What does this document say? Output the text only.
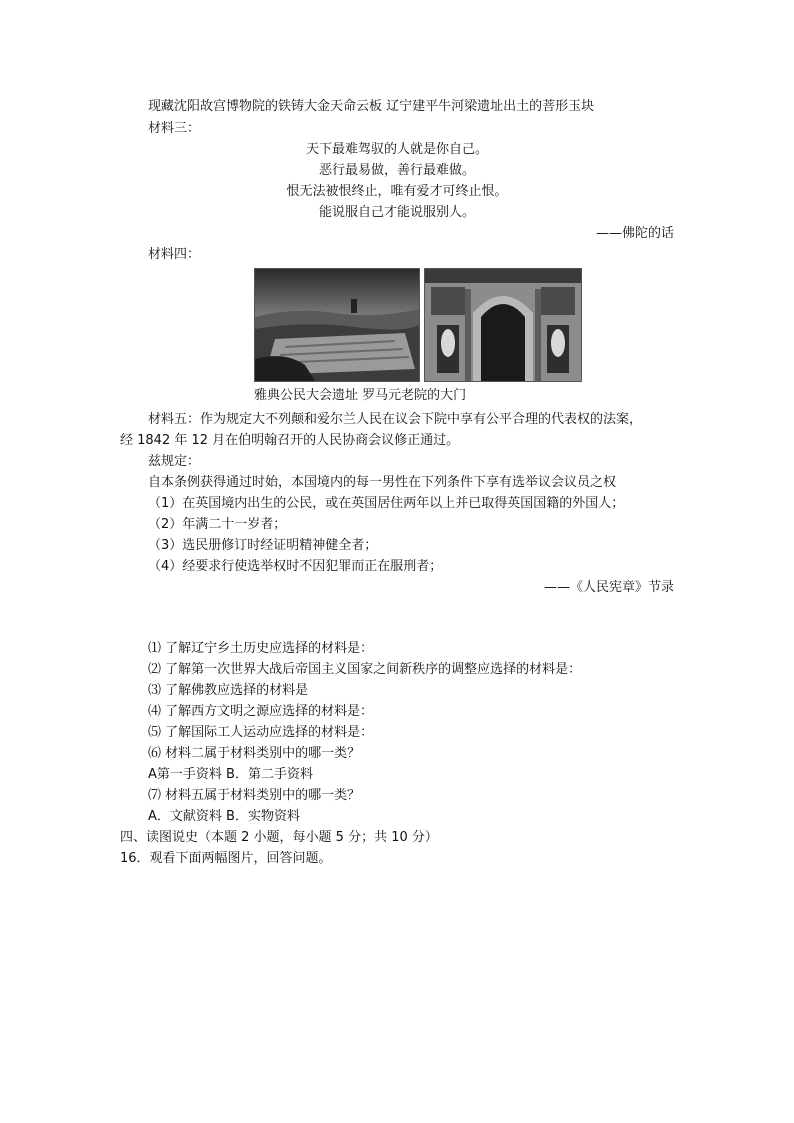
现藏沈阳故宫博物院的铁铸大金天命云板 辽宁建平牛河梁遗址出土的菩形玉块
材料三：
天下最难驾驭的人就是你自己。
恶行最易做，善行最难做。
恨无法被恨终止，唯有爱才可终止恨。
能说服自己才能说服别人。
——佛陀的话
材料四：
雅典公民大会遗址 罗马元老院的大门
材料五：作为规定大不列颠和爱尔兰人民在议会下院中享有公平合理的代表权的法案，
经 1842 年 12 月在伯明翰召开的人民协商会议修正通过。
兹规定：
自本条例获得通过时始，本国境内的每一男性在下列条件下享有选举议会议员之权
（1）在英国境内出生的公民，或在英国居住两年以上并已取得英国国籍的外国人；
（2）年满二十一岁者；
（3）选民册修订时经证明精神健全者；
（4）经要求行使选举权时不因犯罪而正在服刑者；
——《人民宪章》节录
⑴ 了解辽宁乡土历史应选择的材料是：
⑵ 了解第一次世界大战后帝国主义国家之间新秩序的调整应选择的材料是：
⑶ 了解佛教应选择的材料是
⑷ 了解西方文明之源应选择的材料是：
⑸ 了解国际工人运动应选择的材料是：
⑹ 材料二属于材料类别中的哪一类？
A第一手资料 B．第二手资料
⑺ 材料五属于材料类别中的哪一类？
A．文献资料 B．实物资料
四、读图说史（本题 2 小题，每小题 5 分；共 10 分）
16．观看下面两幅图片，回答问题。
